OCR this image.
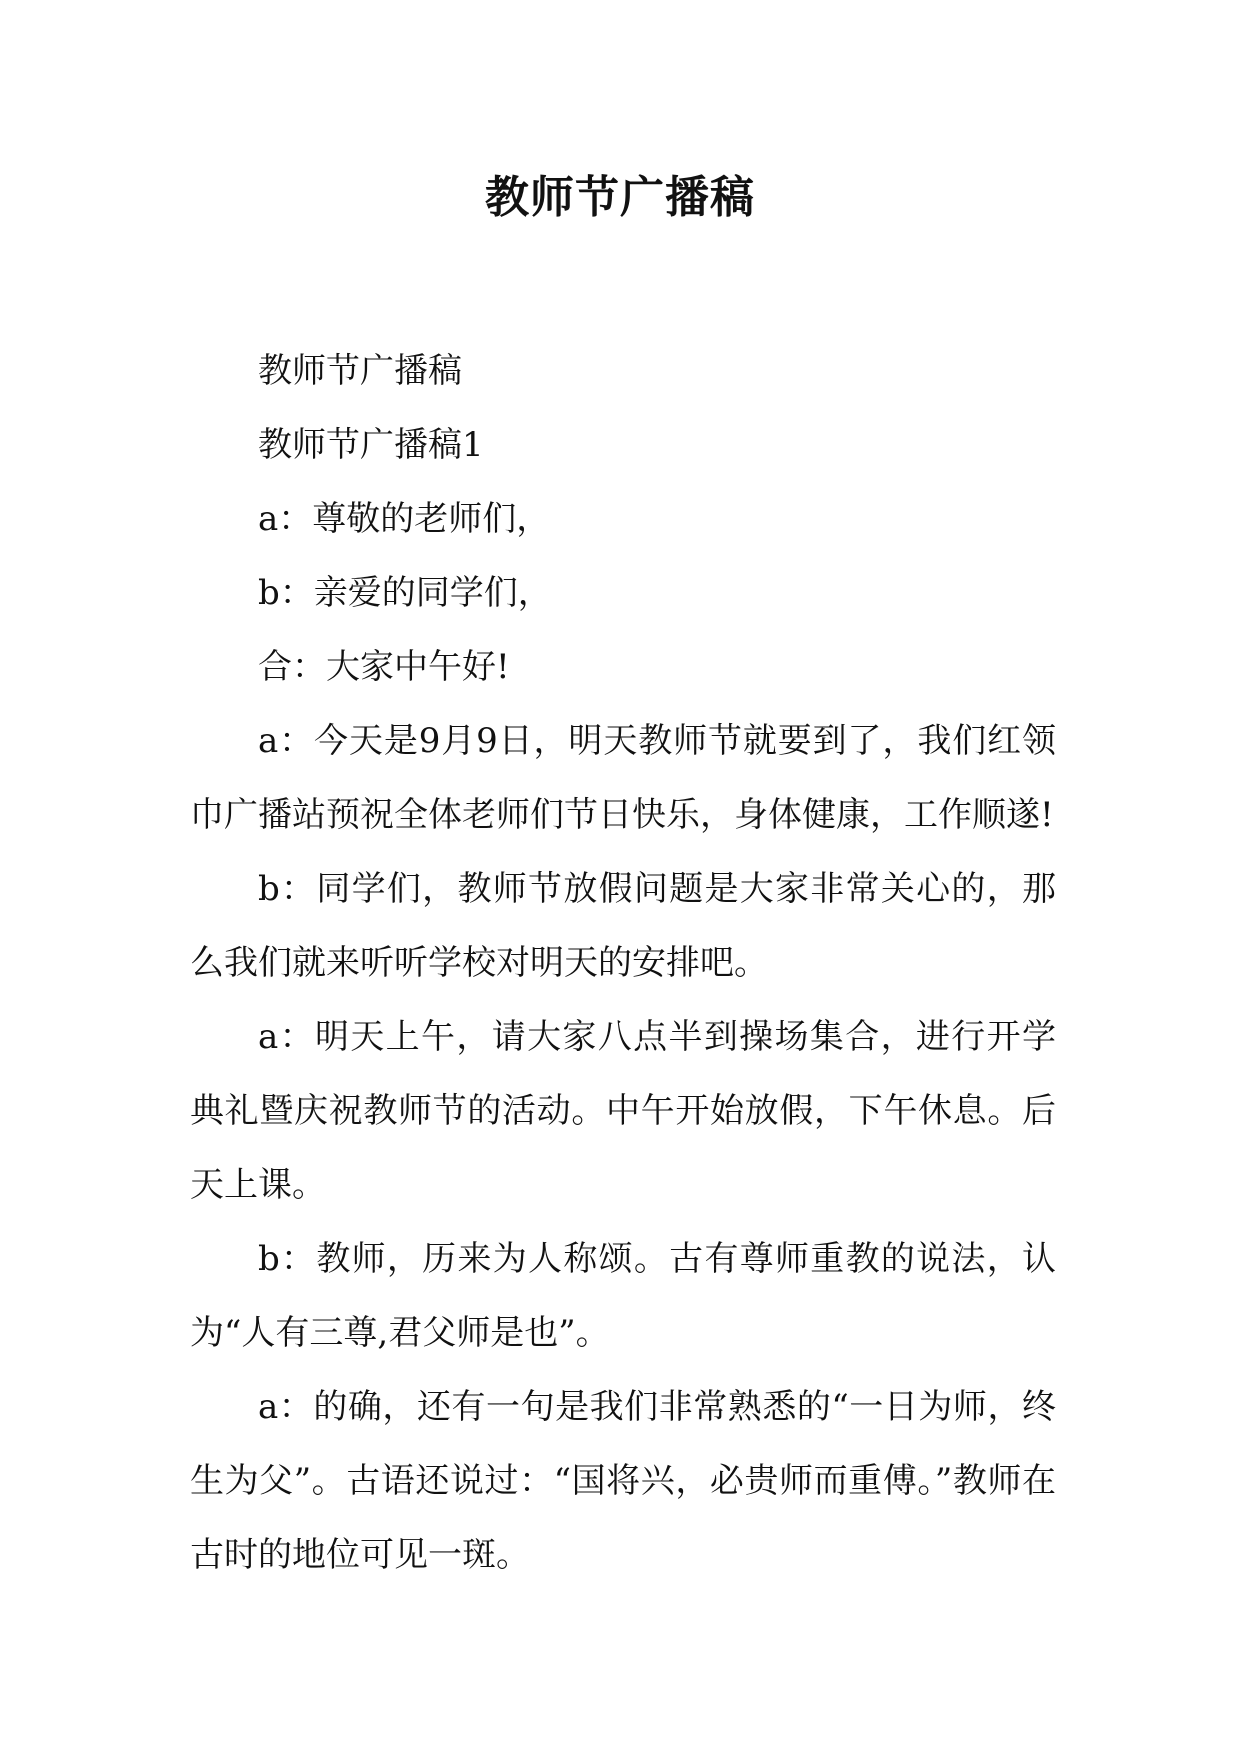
教师节广播稿

教师节广播稿

教师节广播稿1

a：尊敬的老师们，

b：亲爱的同学们，

合：大家中午好!

a：今天是9月9日，明天教师节就要到了，我们红领巾广播站预祝全体老师们节日快乐，身体健康，工作顺遂!

b：同学们，教师节放假问题是大家非常关心的，那么我们就来听听学校对明天的安排吧。

a：明天上午，请大家八点半到操场集合，进行开学典礼暨庆祝教师节的活动。中午开始放假，下午休息。后天上课。

b：教师，历来为人称颂。古有尊师重教的说法，认为“人有三尊,君父师是也”。

a：的确，还有一句是我们非常熟悉的“一日为师，终生为父”。古语还说过：“国将兴，必贵师而重傅。”教师在古时的地位可见一斑。
